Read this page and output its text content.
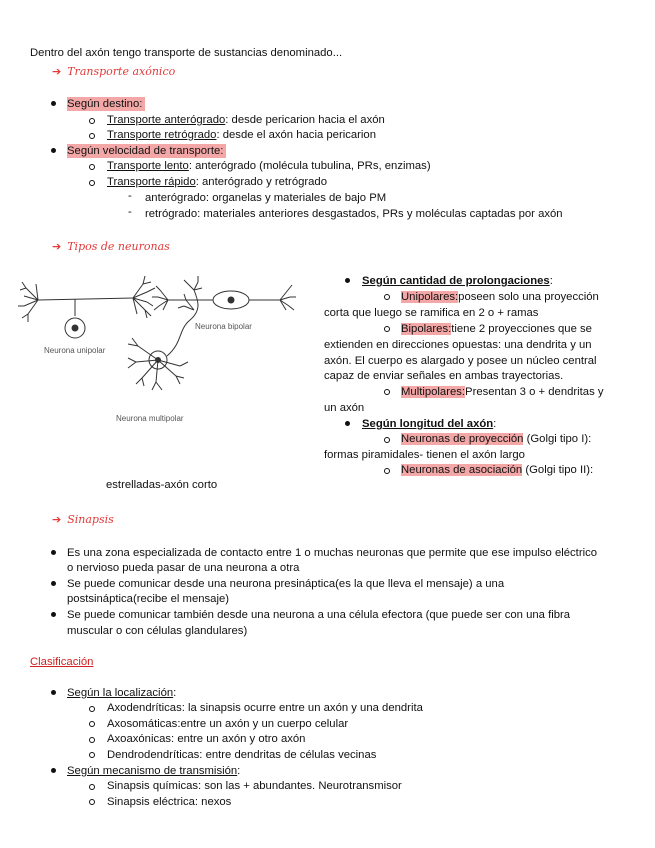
Dentro del axón tengo transporte de sustancias denominado...
➔ Transporte axónico
Según destino:
Transporte anterógrado: desde pericarion hacia el axón
Transporte retrógrado: desde el axón hacia pericarion
Según velocidad de transporte:
Transporte lento: anterógrado (molécula tubulina, PRs, enzimas)
Transporte rápido: anterógrado y retrógrado
- anterógrado: organelas y materiales de bajo PM
- retrógrado: materiales anteriores desgastados, PRs y moléculas captadas por axón
➔ Tipos de neuronas
Neurona unipolar
Neurona bipolar
Neurona multipolar
estrelladas-axón corto
Según cantidad de prolongaciones:
Unipolares:poseen solo una proyección
corta que luego se ramifica en 2 o + ramas
Bipolares:tiene 2 proyecciones que se
extienden en direcciones opuestas: una dendrita y un
axón. El cuerpo es alargado y posee un núcleo central
capaz de enviar señales en ambas trayectorias.
Multipolares:Presentan 3 o + dendritas y
un axón
Según longitud del axón:
Neuronas de proyección (Golgi tipo I):
formas piramidales- tienen el axón largo
Neuronas de asociación (Golgi tipo II):
➔ Sinapsis
Es una zona especializada de contacto entre 1 o muchas neuronas que permite que ese impulso eléctrico
o nervioso pueda pasar de una neurona a otra
Se puede comunicar desde una neurona presináptica(es la que lleva el mensaje) a una
postsináptica(recibe el mensaje)
Se puede comunicar también desde una neurona a una célula efectora (que puede ser con una fibra
muscular o con células glandulares)
Clasificación
Según la localización:
Axodendríticas: la sinapsis ocurre entre un axón y una dendrita
Axosomáticas:entre un axón y un cuerpo celular
Axoaxónicas: entre un axón y otro axón
Dendrodendríticas: entre dendritas de células vecinas
Según mecanismo de transmisión:
Sinapsis químicas: son las + abundantes. Neurotransmisor
Sinapsis eléctrica: nexos
